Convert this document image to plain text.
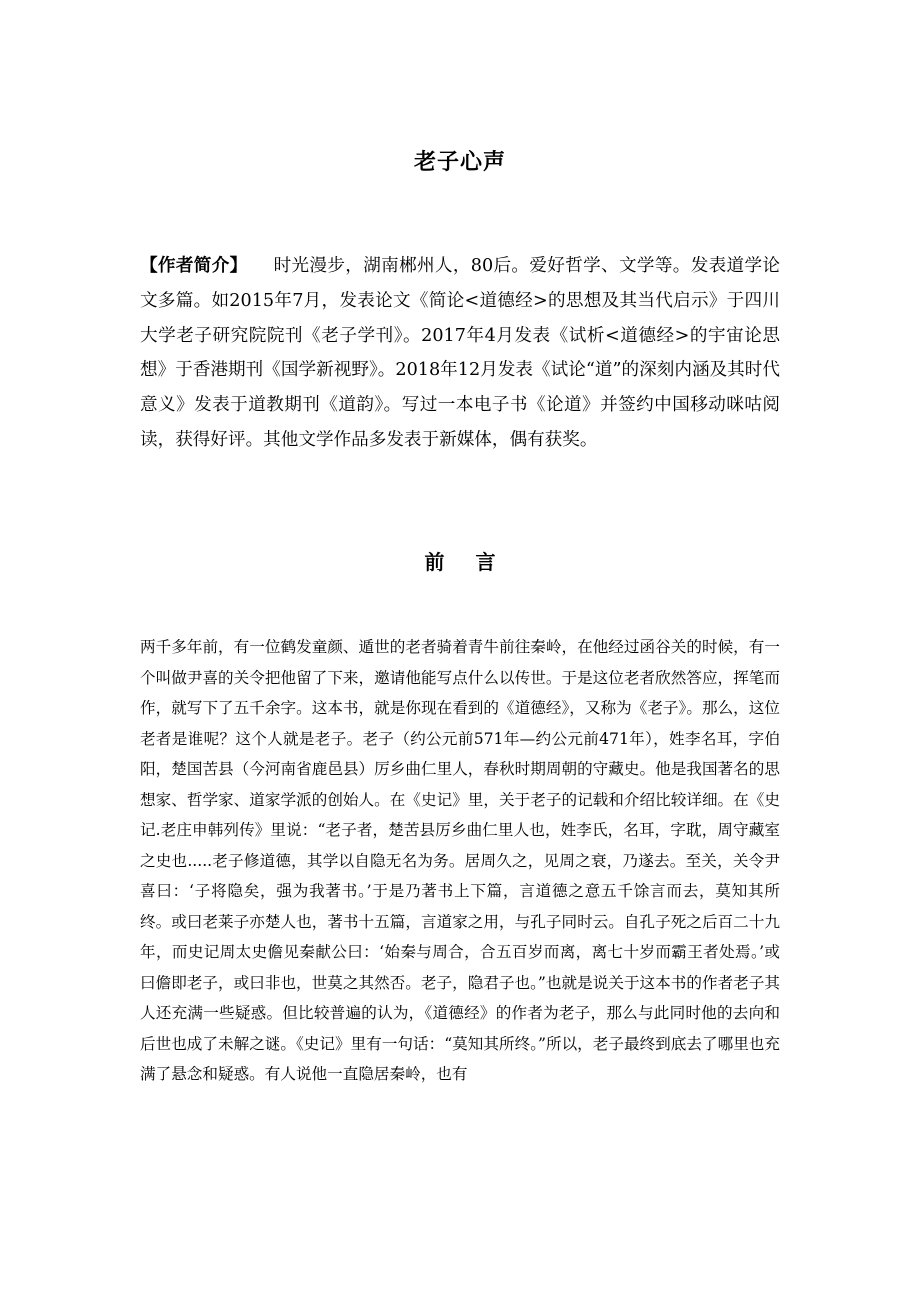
老子心声

【作者简介】 时光漫步，湖南郴州人，80后。爱好哲学、文学等。发表道学论文多篇。如2015年7月，发表论文《简论<道德经>的思想及其当代启示》于四川大学老子研究院院刊《老子学刊》。2017年4月发表《试析<道德经>的宇宙论思想》于香港期刊《国学新视野》。2018年12月发表《试论“道”的深刻内涵及其时代意义》发表于道教期刊《道韵》。写过一本电子书《论道》并签约中国移动咪咕阅读，获得好评。其他文学作品多发表于新媒体，偶有获奖。

前 言

两千多年前，有一位鹤发童颜、遁世的老者骑着青牛前往秦岭，在他经过函谷关的时候，有一个叫做尹喜的关令把他留了下来，邀请他能写点什么以传世。于是这位老者欣然答应，挥笔而作，就写下了五千余字。这本书，就是你现在看到的《道德经》，又称为《老子》。那么，这位老者是谁呢？这个人就是老子。老子（约公元前571年—约公元前471年），姓李名耳，字伯阳，楚国苦县（今河南省鹿邑县）厉乡曲仁里人，春秋时期周朝的守藏史。他是我国著名的思想家、哲学家、道家学派的创始人。在《史记》里，关于老子的记载和介绍比较详细。在《史记.老庄申韩列传》里说：“老子者，楚苦县厉乡曲仁里人也，姓李氏，名耳，字耽，周守藏室之史也.....老子修道德，其学以自隐无名为务。居周久之，见周之衰，乃遂去。至关，关令尹喜曰：‘子将隐矣，强为我著书。’于是乃著书上下篇，言道德之意五千馀言而去，莫知其所终。或曰老莱子亦楚人也，著书十五篇，言道家之用，与孔子同时云。自孔子死之后百二十九年，而史记周太史儋见秦献公曰：‘始秦与周合，合五百岁而离，离七十岁而霸王者处焉。’或曰儋即老子，或曰非也，世莫之其然否。老子，隐君子也。”也就是说关于这本书的作者老子其人还充满一些疑惑。但比较普遍的认为，《道德经》的作者为老子，那么与此同时他的去向和后世也成了未解之谜。《史记》里有一句话：“莫知其所终。”所以，老子最终到底去了哪里也充满了悬念和疑惑。有人说他一直隐居秦岭，也有
